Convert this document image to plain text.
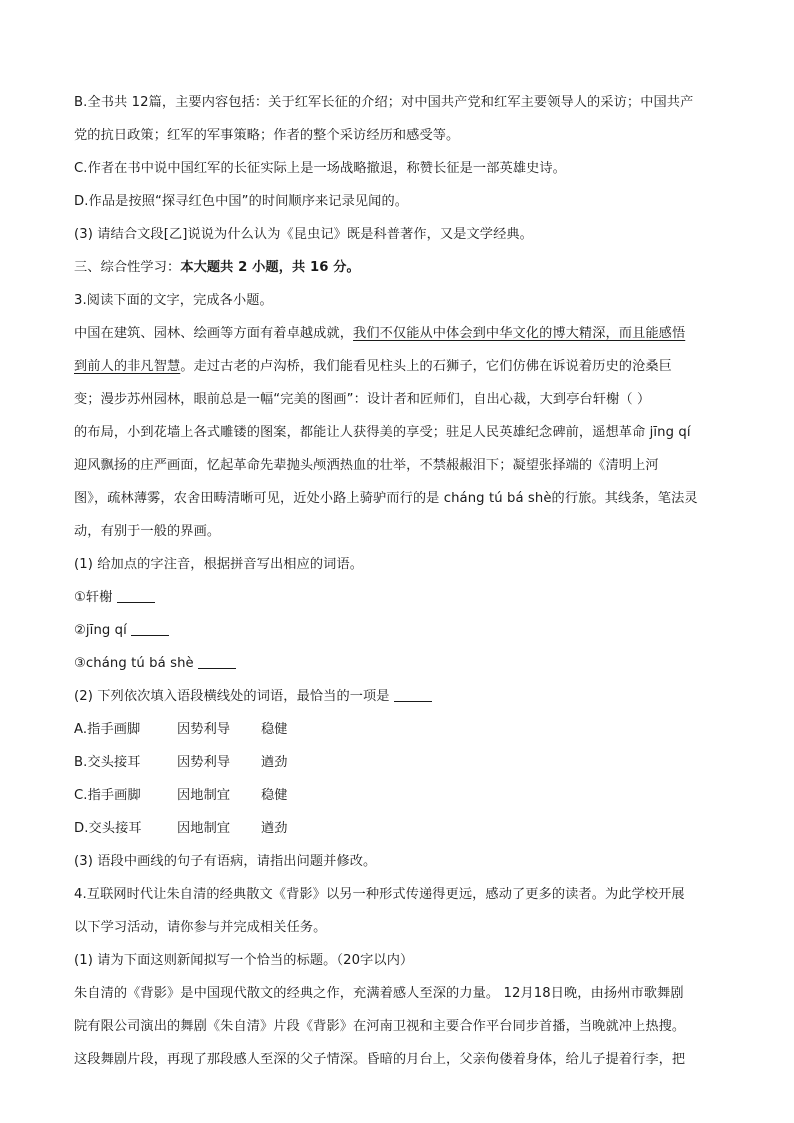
B.全书共 12篇，主要内容包括：关于红军长征的介绍；对中国共产党和红军主要领导人的采访；中国共产
党的抗日政策；红军的军事策略；作者的整个采访经历和感受等。
C.作者在书中说中国红军的长征实际上是一场战略撤退，称赞长征是一部英雄史诗。
D.作品是按照“探寻红色中国”的时间顺序来记录见闻的。
(3) 请结合文段[乙]说说为什么认为《昆虫记》既是科普著作，又是文学经典。
三、综合性学习：本大题共 2 小题，共 16 分。
3.阅读下面的文字，完成各小题。
中国在建筑、园林、绘画等方面有着卓越成就，我们不仅能从中体会到中华文化的博大精深，而且能感悟
到前人的非凡智慧。走过古老的卢沟桥，我们能看见柱头上的石狮子，它们仿佛在诉说着历史的沧桑巨
变；漫步苏州园林，眼前总是一幅“完美的图画”：设计者和匠师们，自出心裁，大到亭台轩榭（ ）
的布局，小到花墙上各式雕镂的图案，都能让人获得美的享受；驻足人民英雄纪念碑前，遥想革命 jīng qí
迎风飘扬的庄严画面，忆起革命先辈抛头颅洒热血的壮举，不禁赧赧泪下；凝望张择端的《清明上河
图》，疏林薄雾，农舍田畴清晰可见，近处小路上骑驴而行的是 cháng tú bá shè的行旅。其线条，笔法灵
动，有别于一般的界画。
(1) 给加点的字注音，根据拼音写出相应的词语。
①轩榭
②jīng qí
③cháng tú bá shè
(2) 下列依次填入语段横线处的词语，最恰当的一项是
A.指手画脚	因势利导	稳健
B.交头接耳	因势利导	遒劲
C.指手画脚	因地制宜	稳健
D.交头接耳	因地制宜	遒劲
(3) 语段中画线的句子有语病，请指出问题并修改。
4.互联网时代让朱自清的经典散文《背影》以另一种形式传递得更远，感动了更多的读者。为此学校开展
以下学习活动，请你参与并完成相关任务。
(1) 请为下面这则新闻拟写一个恰当的标题。（20字以内）
朱自清的《背影》是中国现代散文的经典之作，充满着感人至深的力量。 12月18日晚，由扬州市歌舞剧
院有限公司演出的舞剧《朱自清》片段《背影》在河南卫视和主要合作平台同步首播，当晚就冲上热搜。
这段舞剧片段，再现了那段感人至深的父子情深。昏暗的月台上，父亲佝偻着身体，给儿子提着行李，把
